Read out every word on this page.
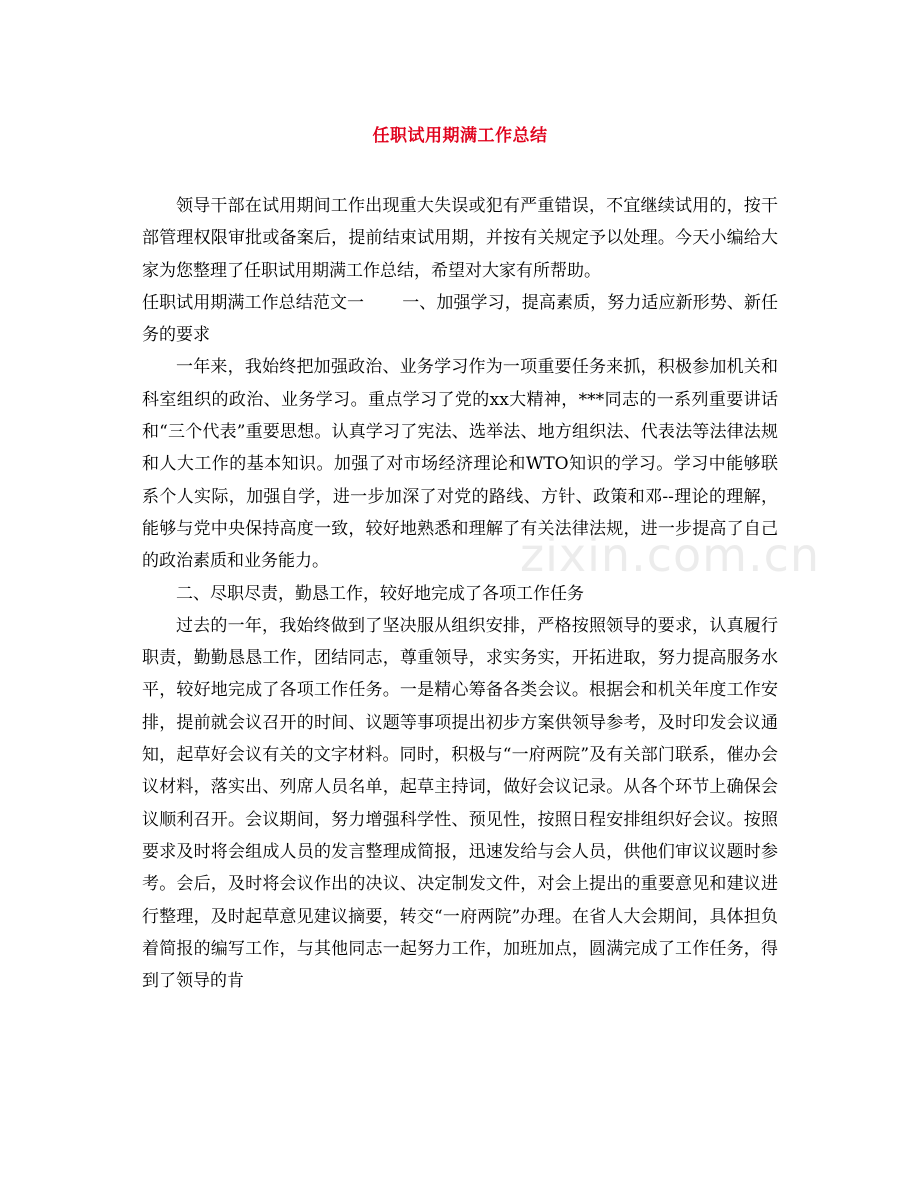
任职试用期满工作总结
zixin.com.cn

领导干部在试用期间工作出现重大失误或犯有严重错误，不宜继续试用的，按干部管理权限审批或备案后，提前结束试用期，并按有关规定予以处理。今天小编给大家为您整理了任职试用期满工作总结，希望对大家有所帮助。

任职试用期满工作总结范文一 一、加强学习，提高素质，努力适应新形势、新任务的要求

一年来，我始终把加强政治、业务学习作为一项重要任务来抓，积极参加机关和科室组织的政治、业务学习。重点学习了党的xx大精神，***同志的一系列重要讲话和“三个代表”重要思想。认真学习了宪法、选举法、地方组织法、代表法等法律法规和人大工作的基本知识。加强了对市场经济理论和WTO知识的学习。学习中能够联系个人实际，加强自学，进一步加深了对党的路线、方针、政策和邓--理论的理解，能够与党中央保持高度一致，较好地熟悉和理解了有关法律法规，进一步提高了自己的政治素质和业务能力。

二、尽职尽责，勤恳工作，较好地完成了各项工作任务

过去的一年，我始终做到了坚决服从组织安排，严格按照领导的要求，认真履行职责，勤勤恳恳工作，团结同志，尊重领导，求实务实，开拓进取，努力提高服务水平，较好地完成了各项工作任务。一是精心筹备各类会议。根据会和机关年度工作安排，提前就会议召开的时间、议题等事项提出初步方案供领导参考，及时印发会议通知，起草好会议有关的文字材料。同时，积极与“一府两院”及有关部门联系，催办会议材料，落实出、列席人员名单，起草主持词，做好会议记录。从各个环节上确保会议顺利召开。会议期间，努力增强科学性、预见性，按照日程安排组织好会议。按照要求及时将会组成人员的发言整理成简报，迅速发给与会人员，供他们审议议题时参考。会后，及时将会议作出的决议、决定制发文件，对会上提出的重要意见和建议进行整理，及时起草意见建议摘要，转交“一府两院”办理。在省人大会期间，具体担负着简报的编写工作，与其他同志一起努力工作，加班加点，圆满完成了工作任务，得到了领导的肯
